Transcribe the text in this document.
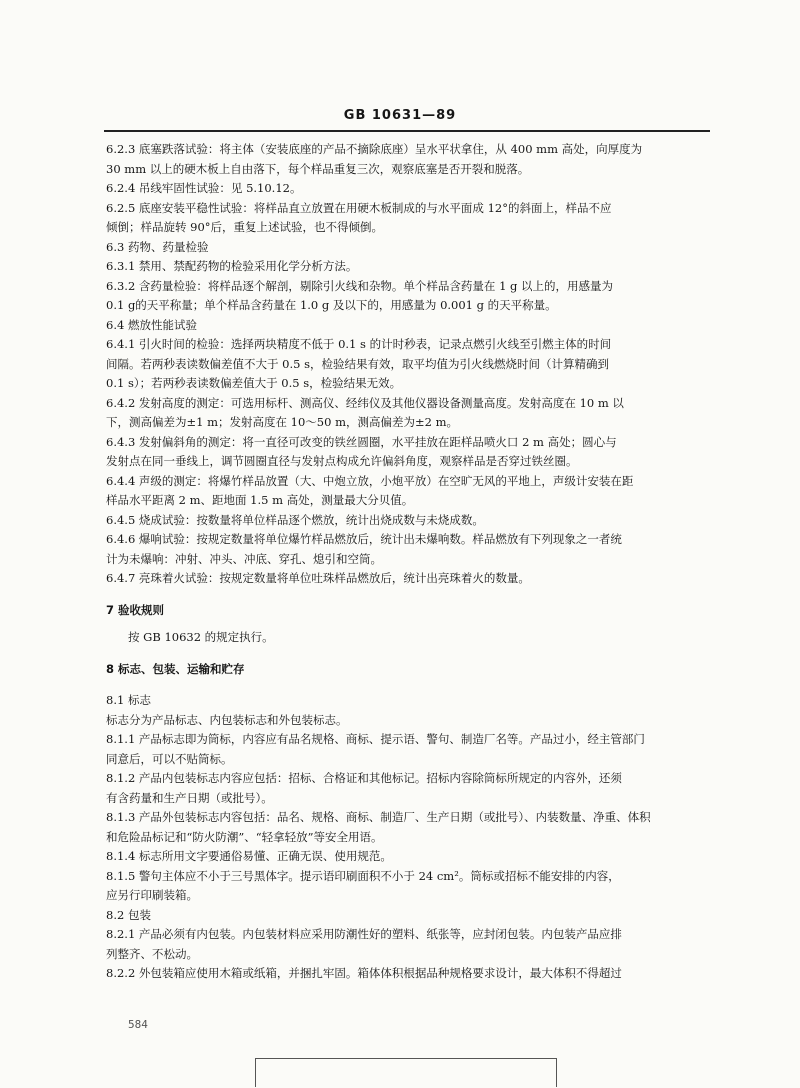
GB 10631—89
6.2.3 底塞跌落试验：将主体（安装底座的产品不摘除底座）呈水平状拿住，从 400 mm 高处，向厚度为
30 mm 以上的硬木板上自由落下，每个样品重复三次，观察底塞是否开裂和脱落。
6.2.4 吊线牢固性试验：见 5.10.12。
6.2.5 底座安装平稳性试验：将样品直立放置在用硬木板制成的与水平面成 12°的斜面上，样品不应
倾倒；样品旋转 90°后，重复上述试验，也不得倾倒。
6.3 药物、药量检验
6.3.1 禁用、禁配药物的检验采用化学分析方法。
6.3.2 含药量检验：将样品逐个解剖，剔除引火线和杂物。单个样品含药量在 1 g 以上的，用感量为
0.1 g的天平称量；单个样品含药量在 1.0 g 及以下的，用感量为 0.001 g 的天平称量。
6.4 燃放性能试验
6.4.1 引火时间的检验：选择两块精度不低于 0.1 s 的计时秒表，记录点燃引火线至引燃主体的时间
间隔。若两秒表读数偏差值不大于 0.5 s，检验结果有效，取平均值为引火线燃烧时间（计算精确到
0.1 s）；若两秒表读数偏差值大于 0.5 s，检验结果无效。
6.4.2 发射高度的测定：可选用标杆、测高仪、经纬仪及其他仪器设备测量高度。发射高度在 10 m 以
下，测高偏差为±1 m；发射高度在 10～50 m，测高偏差为±2 m。
6.4.3 发射偏斜角的测定：将一直径可改变的铁丝圆圈，水平挂放在距样品喷火口 2 m 高处；圆心与
发射点在同一垂线上，调节圆圈直径与发射点构成允许偏斜角度，观察样品是否穿过铁丝圈。
6.4.4 声级的测定：将爆竹样品放置（大、中炮立放，小炮平放）在空旷无风的平地上，声级计安装在距
样品水平距离 2 m、距地面 1.5 m 高处，测量最大分贝值。
6.4.5 烧成试验：按数量将单位样品逐个燃放，统计出烧成数与未烧成数。
6.4.6 爆响试验：按规定数量将单位爆竹样品燃放后，统计出未爆响数。样品燃放有下列现象之一者统
计为未爆响：冲射、冲头、冲底、穿孔、熄引和空筒。
6.4.7 亮珠着火试验：按规定数量将单位吐珠样品燃放后，统计出亮珠着火的数量。
7 验收规则
按 GB 10632 的规定执行。
8 标志、包装、运输和贮存
8.1 标志
标志分为产品标志、内包装标志和外包装标志。
8.1.1 产品标志即为筒标，内容应有品名规格、商标、提示语、警句、制造厂名等。产品过小，经主管部门
同意后，可以不贴筒标。
8.1.2 产品内包装标志内容应包括：招标、合格证和其他标记。招标内容除筒标所规定的内容外，还须
有含药量和生产日期（或批号）。
8.1.3 产品外包装标志内容包括：品名、规格、商标、制造厂、生产日期（或批号）、内装数量、净重、体积
和危险品标记和“防火防潮”、“轻拿轻放”等安全用语。
8.1.4 标志所用文字要通俗易懂、正确无误、使用规范。
8.1.5 警句主体应不小于三号黑体字。提示语印刷面积不小于 24 cm²。筒标或招标不能安排的内容，
应另行印刷装箱。
8.2 包装
8.2.1 产品必须有内包装。内包装材料应采用防潮性好的塑料、纸张等，应封闭包装。内包装产品应排
列整齐、不松动。
8.2.2 外包装箱应使用木箱或纸箱，并捆扎牢固。箱体体积根据品种规格要求设计，最大体积不得超过
584
